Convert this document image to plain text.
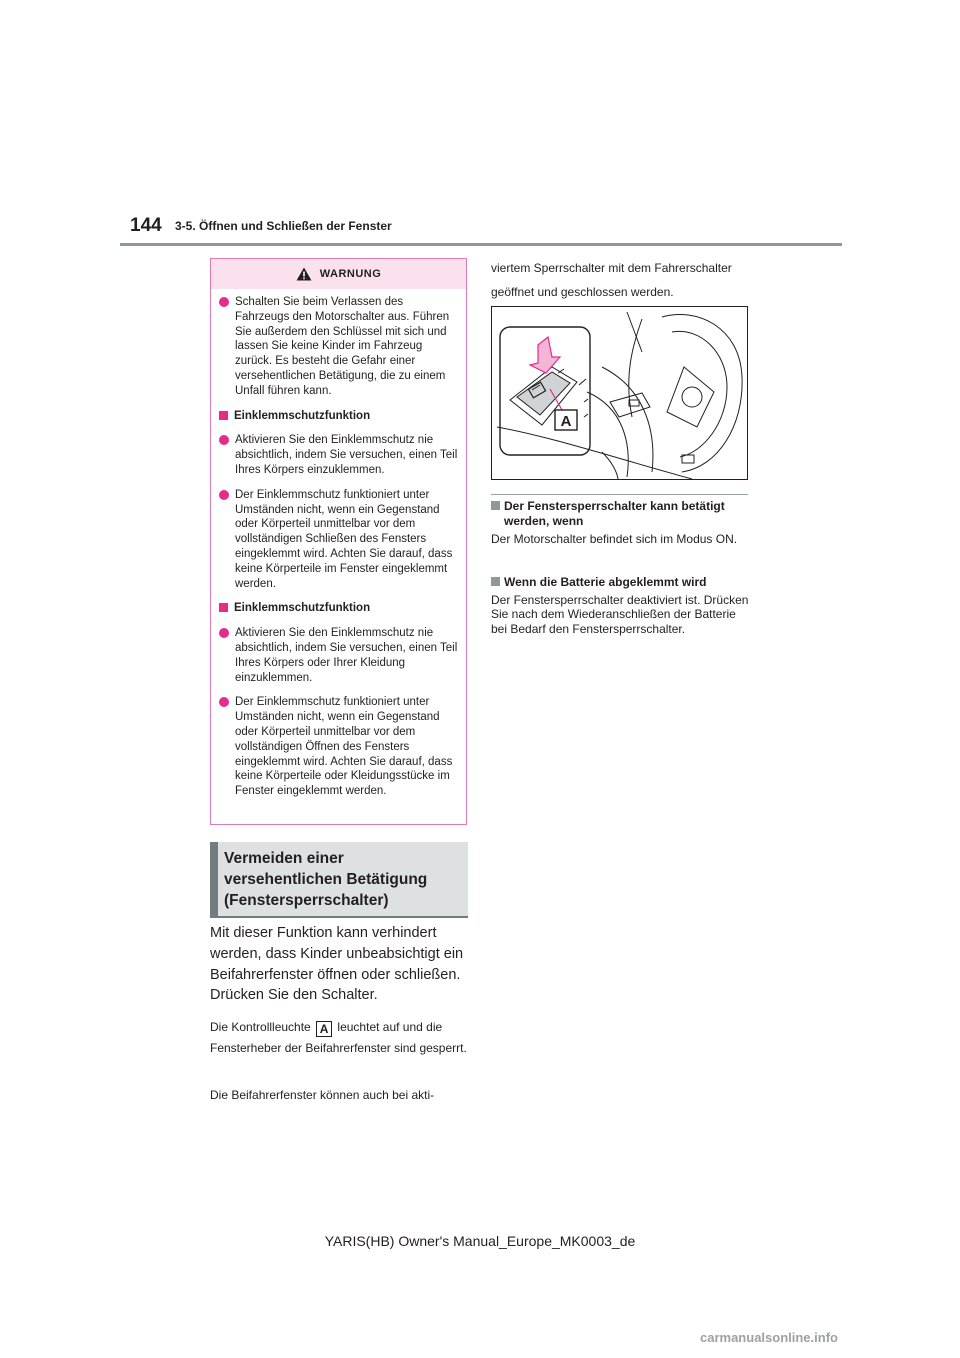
144 3-5. Öffnen und Schließen der Fenster
WARNUNG
Schalten Sie beim Verlassen des Fahrzeugs den Motorschalter aus. Führen Sie außerdem den Schlüssel mit sich und lassen Sie keine Kinder im Fahrzeug zurück. Es besteht die Gefahr einer versehentlichen Betätigung, die zu einem Unfall führen kann.
Einklemmschutzfunktion
Aktivieren Sie den Einklemmschutz nie absichtlich, indem Sie versuchen, einen Teil Ihres Körpers einzuklemmen.
Der Einklemmschutz funktioniert unter Umständen nicht, wenn ein Gegenstand oder Körperteil unmittelbar vor dem vollständigen Schließen des Fensters eingeklemmt wird. Achten Sie darauf, dass keine Körperteile im Fenster eingeklemmt werden.
Einklemmschutzfunktion
Aktivieren Sie den Einklemmschutz nie absichtlich, indem Sie versuchen, einen Teil Ihres Körpers oder Ihrer Kleidung einzuklemmen.
Der Einklemmschutz funktioniert unter Umständen nicht, wenn ein Gegenstand oder Körperteil unmittelbar vor dem vollständigen Öffnen des Fensters eingeklemmt wird. Achten Sie darauf, dass keine Körperteile oder Kleidungsstücke im Fenster eingeklemmt werden.
Vermeiden einer versehentlichen Betätigung (Fenstersperrschalter)
Mit dieser Funktion kann verhindert werden, dass Kinder unbeabsichtigt ein Beifahrerfenster öffnen oder schließen.
Drücken Sie den Schalter.
Die Kontrollleuchte A leuchtet auf und die Fensterheber der Beifahrerfenster sind gesperrt.
Die Beifahrerfenster können auch bei akti-
viertem Sperrschalter mit dem Fahrerschalter geöffnet und geschlossen werden.
A
Der Fenstersperrschalter kann betätigt werden, wenn
Der Motorschalter befindet sich im Modus ON.
Wenn die Batterie abgeklemmt wird
Der Fenstersperrschalter deaktiviert ist. Drücken Sie nach dem Wiederanschließen der Batterie bei Bedarf den Fenstersperrschalter.
YARIS(HB) Owner's Manual_Europe_MK0003_de
carmanualsonline.info
